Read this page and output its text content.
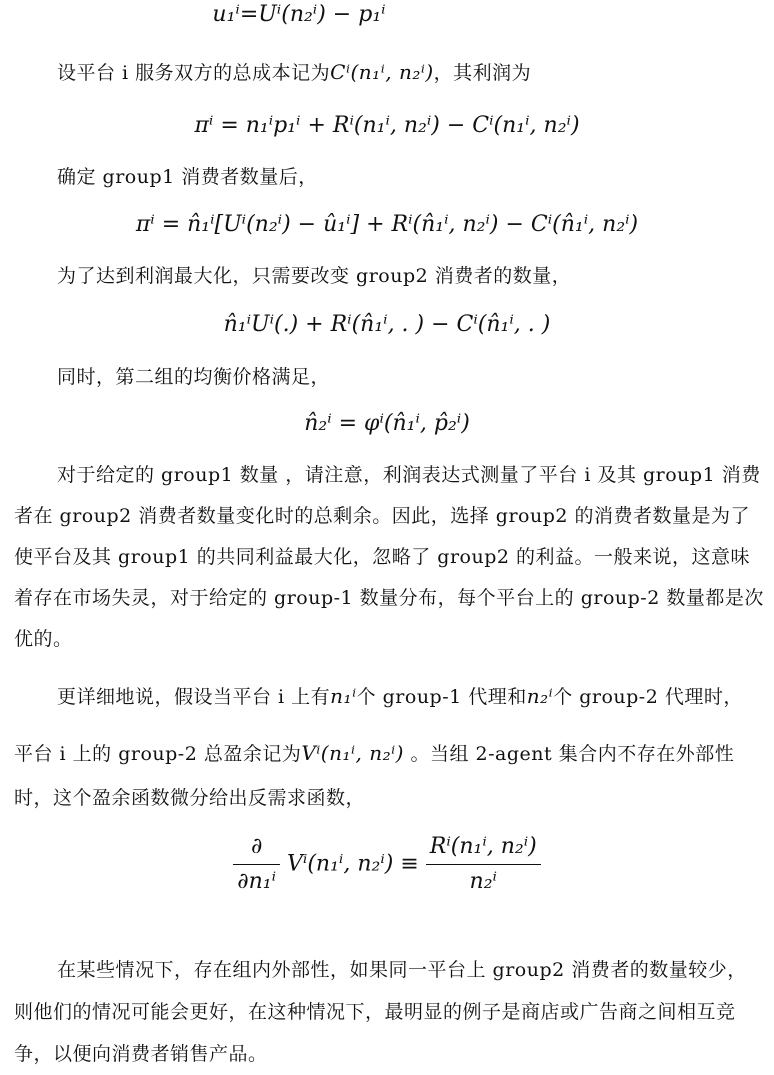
u₁ⁱ=Uⁱ(n₂ⁱ) − p₁ⁱ

设平台 i 服务双方的总成本记为Cⁱ(n₁ⁱ, n₂ⁱ)，其利润为

πⁱ = n₁ⁱp₁ⁱ + Rⁱ(n₁ⁱ, n₂ⁱ) − Cⁱ(n₁ⁱ, n₂ⁱ)

确定 group1 消费者数量后，

πⁱ = n̂₁ⁱ[Uⁱ(n₂ⁱ) − û₁ⁱ] + Rⁱ(n̂₁ⁱ, n₂ⁱ) − Cⁱ(n̂₁ⁱ, n₂ⁱ)

为了达到利润最大化，只需要改变 group2 消费者的数量，

n̂₁ⁱUⁱ(.) + Rⁱ(n̂₁ⁱ, . ) − Cⁱ(n̂₁ⁱ, . )

同时，第二组的均衡价格满足，

n̂₂ⁱ = φⁱ(n̂₁ⁱ, p̂₂ⁱ)

对于给定的 group1 数量 ，请注意，利润表达式测量了平台 i 及其 group1 消费者在 group2 消费者数量变化时的总剩余。因此，选择 group2 的消费者数量是为了使平台及其 group1 的共同利益最大化，忽略了 group2 的利益。一般来说，这意味着存在市场失灵，对于给定的 group-1 数量分布，每个平台上的 group-2 数量都是次优的。

更详细地说，假设当平台 i 上有n₁ⁱ个 group-1 代理和n₂ⁱ个 group-2 代理时，

平台 i 上的 group-2 总盈余记为Vⁱ(n₁ⁱ, n₂ⁱ) 。当组 2-agent 集合内不存在外部性时，这个盈余函数微分给出反需求函数，

$\frac{\partial}{\text{∂n₁ⁱ}} V^i(n_1^i$, $n_2^i) \equiv \frac{\text{Rⁱ(n₁ⁱ, n₂ⁱ)}}{\text{n₂ⁱ}}$

在某些情况下，存在组内外部性，如果同一平台上 group2 消费者的数量较少，则他们的情况可能会更好，在这种情况下，最明显的例子是商店或广告商之间相互竞争，以便向消费者销售产品。
